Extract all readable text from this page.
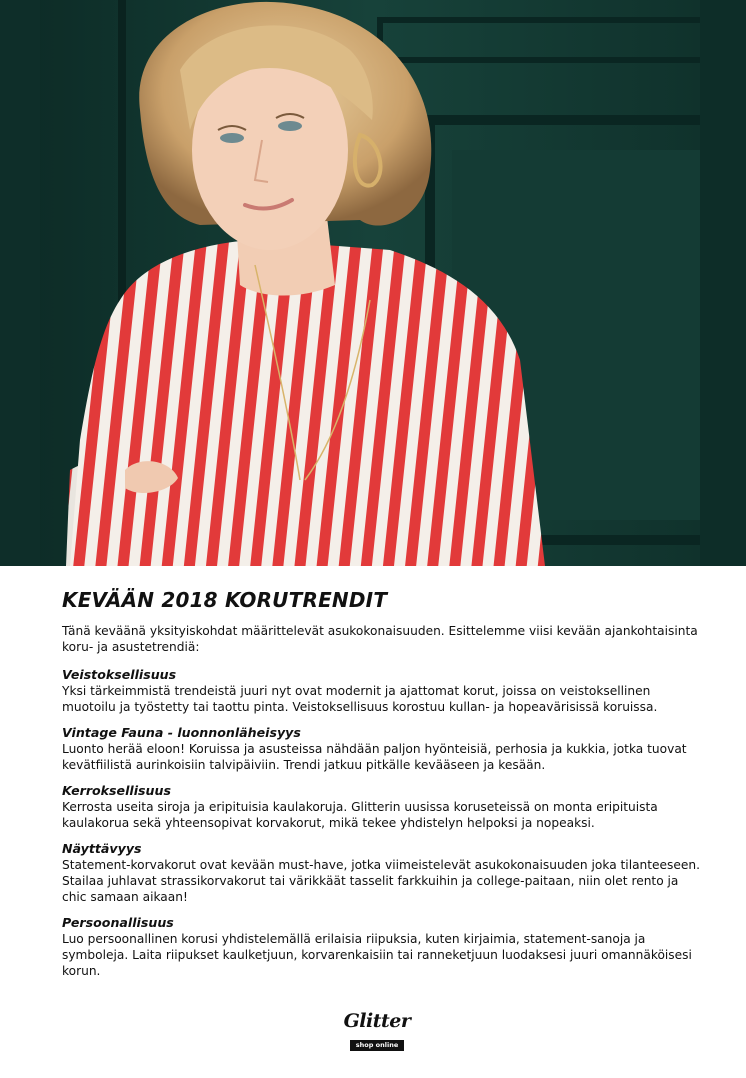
KEVÄÄN 2018 KORUTRENDIT

Tänä keväänä yksityiskohdat määrittelevät asukokonaisuuden. Esittelemme viisi kevään ajankohtaisinta koru- ja asustetrendiä:

Veistoksellisuus

Yksi tärkeimmistä trendeistä juuri nyt ovat modernit ja ajattomat korut, joissa on veistoksellinen muotoilu ja työstetty tai taottu pinta. Veistoksellisuus korostuu kullan- ja hopeavärisissä koruissa.

Vintage Fauna - luonnonläheisyys

Luonto herää eloon! Koruissa ja asusteissa nähdään paljon hyönteisiä, perhosia ja kukkia, jotka tuovat kevätfiilistä aurinkoisiin talvipäiviin. Trendi jatkuu pitkälle kevääseen ja kesään.

Kerroksellisuus

Kerrosta useita siroja ja eripituisia kaulakoruja. Glitterin uusissa koruseteissä on monta eripituista kaulakorua sekä yhteensopivat korvakorut, mikä tekee yhdistelyn helpoksi ja nopeaksi.

Näyttävyys

Statement-korvakorut ovat kevään must-have, jotka viimeistelevät asukokonaisuuden joka tilanteeseen. Stailaa juhlavat strassikorvakorut tai värikkäät tasselit farkkuihin ja college-paitaan, niin olet rento ja chic samaan aikaan!

Persoonallisuus

Luo persoonallinen korusi yhdistelemällä erilaisia riipuksia, kuten kirjaimia, statement-sanoja ja symboleja. Laita riipukset kaulketjuun, korvarenkaisiin tai ranneketjuun luodaksesi juuri omannäköisesi korun.

Glitter
shop online
